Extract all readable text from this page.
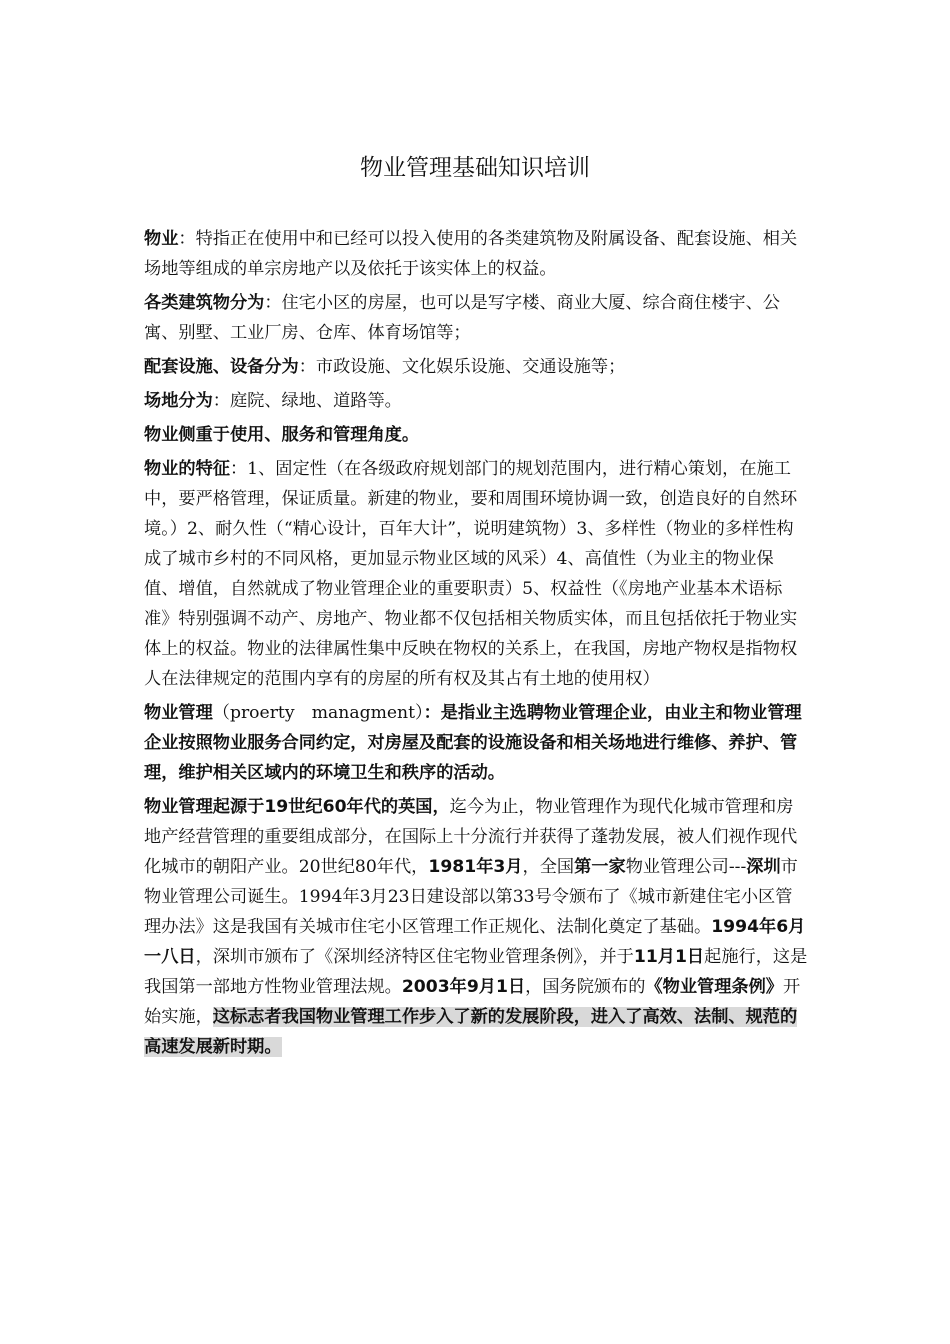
物业管理基础知识培训

物业：特指正在使用中和已经可以投入使用的各类建筑物及附属设备、配套设施、相关场地等组成的单宗房地产以及依托于该实体上的权益。

各类建筑物分为：住宅小区的房屋，也可以是写字楼、商业大厦、综合商住楼宇、公寓、别墅、工业厂房、仓库、体育场馆等；

配套设施、设备分为：市政设施、文化娱乐设施、交通设施等；

场地分为：庭院、绿地、道路等。

物业侧重于使用、服务和管理角度。

物业的特征：1、固定性（在各级政府规划部门的规划范围内，进行精心策划，在施工中，要严格管理，保证质量。新建的物业，要和周围环境协调一致，创造良好的自然环境。）2、耐久性（“精心设计，百年大计”，说明建筑物）3、多样性（物业的多样性构成了城市乡村的不同风格，更加显示物业区域的风采）4、高值性（为业主的物业保值、增值，自然就成了物业管理企业的重要职责）5、权益性（《房地产业基本术语标准》特别强调不动产、房地产、物业都不仅包括相关物质实体，而且包括依托于物业实体上的权益。物业的法律属性集中反映在物权的关系上，在我国，房地产物权是指物权人在法律规定的范围内享有的房屋的所有权及其占有土地的使用权）

物业管理（proerty　managment）：是指业主选聘物业管理企业，由业主和物业管理企业按照物业服务合同约定，对房屋及配套的设施设备和相关场地进行维修、养护、管理，维护相关区域内的环境卫生和秩序的活动。

物业管理起源于19世纪60年代的英国，迄今为止，物业管理作为现代化城市管理和房地产经营管理的重要组成部分，在国际上十分流行并获得了蓬勃发展，被人们视作现代化城市的朝阳产业。20世纪80年代，1981年3月，全国第一家物业管理公司---深圳市物业管理公司诞生。1994年3月23日建设部以第33号令颁布了《城市新建住宅小区管理办法》这是我国有关城市住宅小区管理工作正规化、法制化奠定了基础。1994年6月一八日，深圳市颁布了《深圳经济特区住宅物业管理条例》，并于11月1日起施行，这是我国第一部地方性物业管理法规。2003年9月1日，国务院颁布的《物业管理条例》开始实施，这标志者我国物业管理工作步入了新的发展阶段，进入了高效、法制、规范的高速发展新时期。
